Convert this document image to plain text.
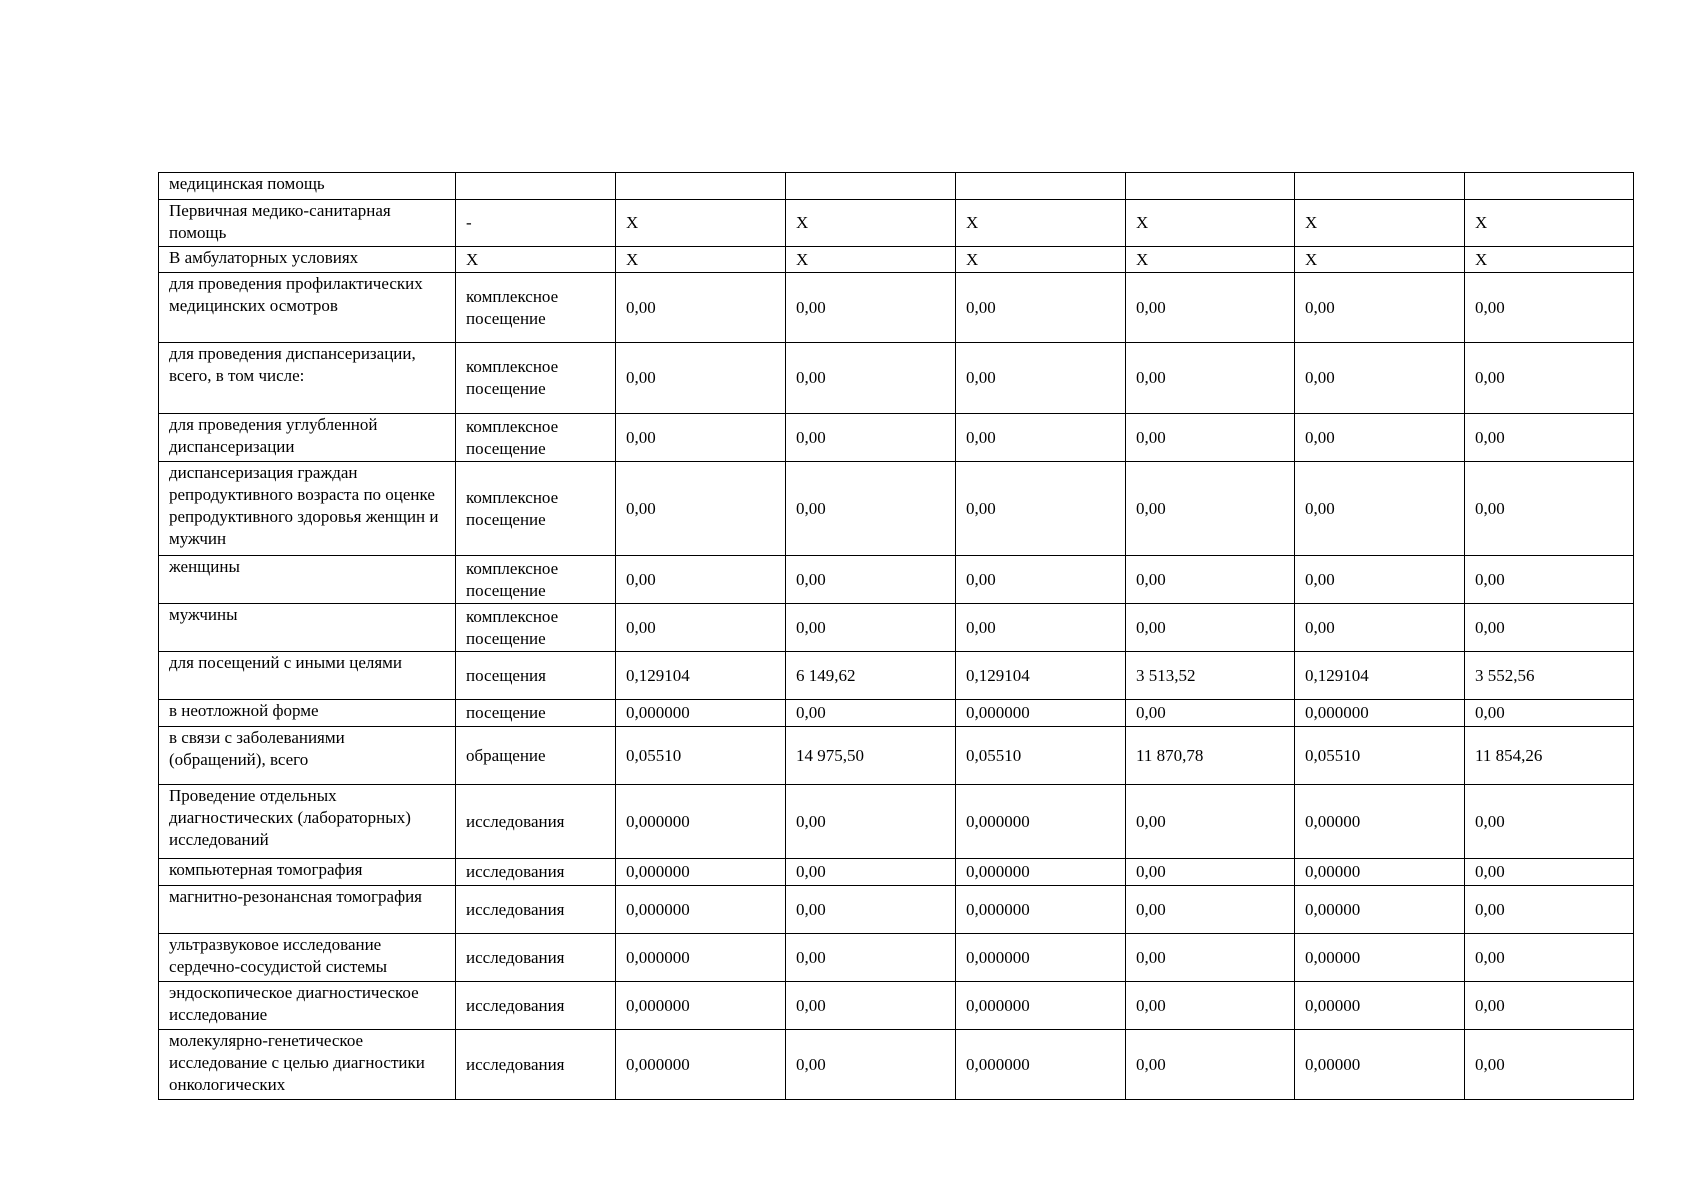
медицинская помощь							
Первичная медико-санитарная помощь	-	Х	Х	Х	Х	Х	Х
В амбулаторных условиях	Х	Х	Х	Х	Х	Х	Х
для проведения профилактических медицинских осмотров	комплексное посещение	0,00	0,00	0,00	0,00	0,00	0,00
для проведения диспансеризации, всего, в том числе:	комплексное посещение	0,00	0,00	0,00	0,00	0,00	0,00
для проведения углубленной диспансеризации	комплексное посещение	0,00	0,00	0,00	0,00	0,00	0,00
диспансеризация граждан репродуктивного возраста по оценке репродуктивного здоровья женщин и мужчин	комплексное посещение	0,00	0,00	0,00	0,00	0,00	0,00
женщины	комплексное посещение	0,00	0,00	0,00	0,00	0,00	0,00
мужчины	комплексное посещение	0,00	0,00	0,00	0,00	0,00	0,00
для посещений с иными целями	посещения	0,129104	6 149,62	0,129104	3 513,52	0,129104	3 552,56
в неотложной форме	посещение	0,000000	0,00	0,000000	0,00	0,000000	0,00
в связи с заболеваниями (обращений), всего	обращение	0,05510	14 975,50	0,05510	11 870,78	0,05510	11 854,26
Проведение отдельных диагностических (лабораторных) исследований	исследования	0,000000	0,00	0,000000	0,00	0,00000	0,00
компьютерная томография	исследования	0,000000	0,00	0,000000	0,00	0,00000	0,00
магнитно-резонансная томография	исследования	0,000000	0,00	0,000000	0,00	0,00000	0,00
ультразвуковое исследование сердечно-сосудистой системы	исследования	0,000000	0,00	0,000000	0,00	0,00000	0,00
эндоскопическое диагностическое исследование	исследования	0,000000	0,00	0,000000	0,00	0,00000	0,00
молекулярно-генетическое исследование с целью диагностики онкологических	исследования	0,000000	0,00	0,000000	0,00	0,00000	0,00
